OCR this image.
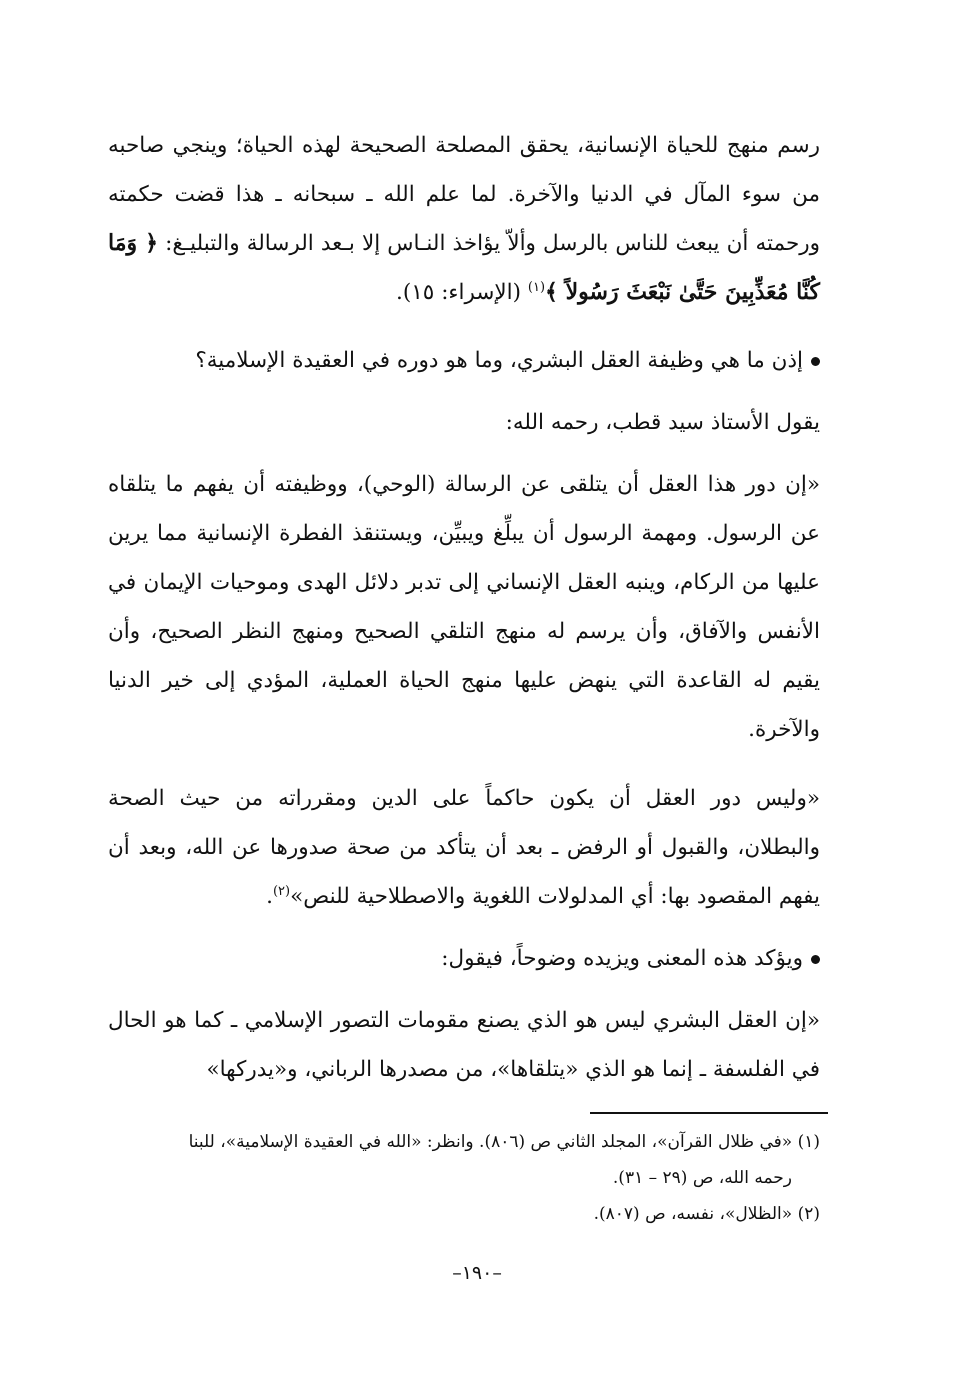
رسم منهج للحياة الإنسانية، يحقق المصلحة الصحيحة لهذه الحياة؛ وينجي صاحبه من سوء المآل في الدنيا والآخرة. لما علم الله ـ سبحانه ـ هذا قضت حكمته ورحمته أن يبعث للناس بالرسل وألاّ يؤاخذ النـاس إلا بـعد الرسالة والتبليـغ: ﴿ وَمَا كُنَّا مُعَذِّبِينَ حَتَّىٰ نَبْعَثَ رَسُولاً ﴾$^{(١)}$ (الإسراء: ١٥).

إذن ما هي وظيفة العقل البشري، وما هو دوره في العقيدة الإسلامية؟

يقول الأستاذ سيد قطب، رحمه الله:

«إن دور هذا العقل أن يتلقى عن الرسالة (الوحي)، ووظيفته أن يفهم ما يتلقاه عن الرسول. ومهمة الرسول أن يبلِّغ ويبيِّن، ويستنقذ الفطرة الإنسانية مما يرين عليها من الركام، وينبه العقل الإنساني إلى تدبر دلائل الهدى وموحيات الإيمان في الأنفس والآفاق، وأن يرسم له منهج التلقي الصحيح ومنهج النظر الصحيح، وأن يقيم له القاعدة التي ينهض عليها منهج الحياة العملية، المؤدي إلى خير الدنيا والآخرة.

«وليس دور العقل أن يكون حاكماً على الدين ومقرراته من حيث الصحة والبطلان، والقبول أو الرفض ـ بعد أن يتأكد من صحة صدورها عن الله، وبعد أن يفهم المقصود بها: أي المدلولات اللغوية والاصطلاحية للنص»$^{(٢)}$.

ويؤكد هذه المعنى ويزيده وضوحاً، فيقول:

«إن العقل البشري ليس هو الذي يصنع مقومات التصور الإسلامي ـ كما هو الحال في الفلسفة ـ إنما هو الذي «يتلقاها»، من مصدرها الرباني، و«يدركها»

(١) «في ظلال القرآن»، المجلد الثاني ص (٨٠٦). وانظر: «الله في العقيدة الإسلامية»، للبنا

رحمه الله، ص (٢٩ – ٣١).

(٢) «الظلال»، نفسه، ص (٨٠٧).

–١٩٠–
